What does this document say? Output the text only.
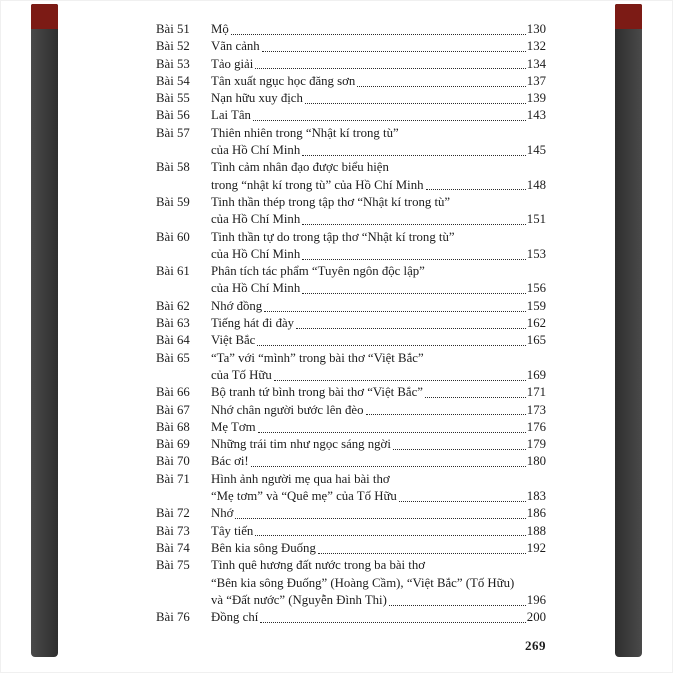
Bài 51	Mộ	130
Bài 52	Vãn cảnh	132
Bài 53	Tảo giải	134
Bài 54	Tân xuất ngục học đăng sơn	137
Bài 55	Nạn hữu xuy địch	139
Bài 56	Lai Tân	143
Bài 57	Thiên nhiên trong “Nhật kí trong tù”
của Hồ Chí Minh	145
Bài 58	Tình cảm nhân đạo được biểu hiện
trong “nhật kí trong tù” của Hồ Chí Minh	148
Bài 59	Tinh thần thép trong tập thơ “Nhật kí trong tù”
của Hồ Chí Minh	151
Bài 60	Tinh thần tự do trong tập thơ “Nhật kí trong tù”
của Hồ Chí Minh	153
Bài 61	Phân tích tác phẩm “Tuyên ngôn độc lập”
của Hồ Chí Minh	156
Bài 62	Nhớ đồng	159
Bài 63	Tiếng hát đi đày	162
Bài 64	Việt Bắc	165
Bài 65	“Ta” với “mình” trong bài thơ “Việt Bắc”
của Tố Hữu	169
Bài 66	Bộ tranh tứ bình trong bài thơ “Việt Bắc”	171
Bài 67	Nhớ chân người bước lên đèo	173
Bài 68	Mẹ Tơm	176
Bài 69	Những trái tim như ngọc sáng ngời	179
Bài 70	Bác ơi!	180
Bài 71	Hình ảnh người mẹ qua hai bài thơ
“Mẹ tơm” và “Quê mẹ” của Tố Hữu	183
Bài 72	Nhớ	186
Bài 73	Tây tiến	188
Bài 74	Bên kia sông Đuống	192
Bài 75	Tình quê hương đất nước trong ba bài thơ
“Bên kia sông Đuống” (Hoàng Cầm), “Việt Bắc” (Tố Hữu)
và “Đất nước” (Nguyễn Đình Thi)	196
Bài 76	Đồng chí	200
269
